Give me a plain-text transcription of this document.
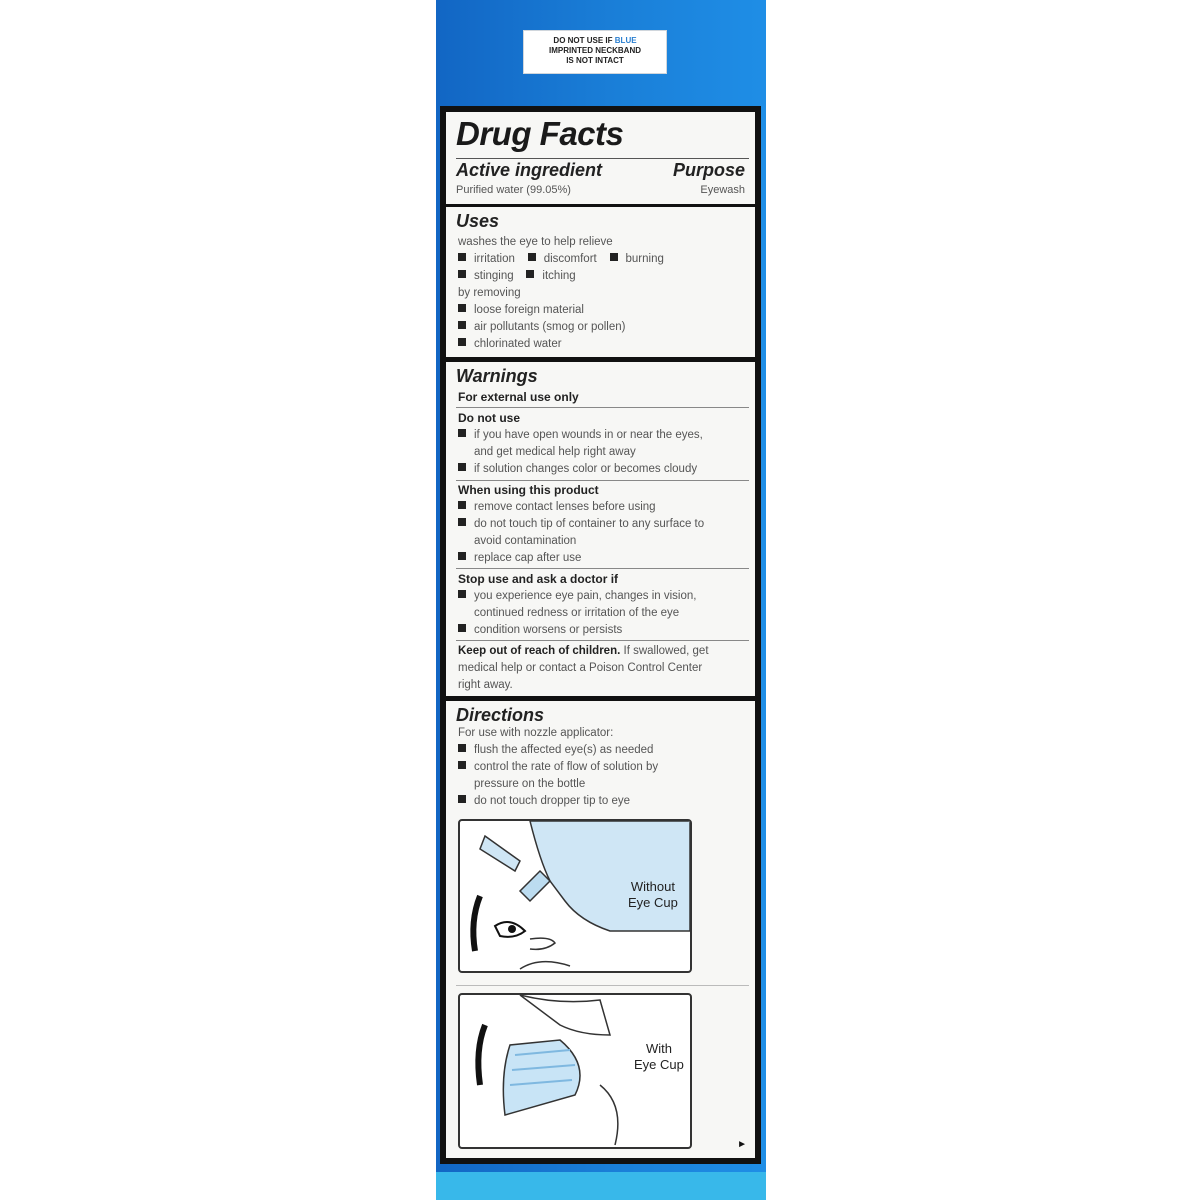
DO NOT USE IF BLUE
IMPRINTED NECKBAND
IS NOT INTACT
Drug Facts
Active ingredient	Purpose
Purified water (99.05%)	Eyewash
Uses
washes the eye to help relieve
irritation	discomfort	burning
stinging	itching
by removing
loose foreign material
air pollutants (smog or pollen)
chlorinated water
Warnings
For external use only
Do not use
if you have open wounds in or near the eyes,
and get medical help right away
if solution changes color or becomes cloudy
When using this product
remove contact lenses before using
do not touch tip of container to any surface to
avoid contamination
replace cap after use
Stop use and ask a doctor if
you experience eye pain, changes in vision,
continued redness or irritation of the eye
condition worsens or persists
Keep out of reach of children. If swallowed, get
medical help or contact a Poison Control Center
right away.
Directions
For use with nozzle applicator:
flush the affected eye(s) as needed
control the rate of flow of solution by
pressure on the bottle
do not touch dropper tip to eye
Without
Eye Cup
With
Eye Cup
►
